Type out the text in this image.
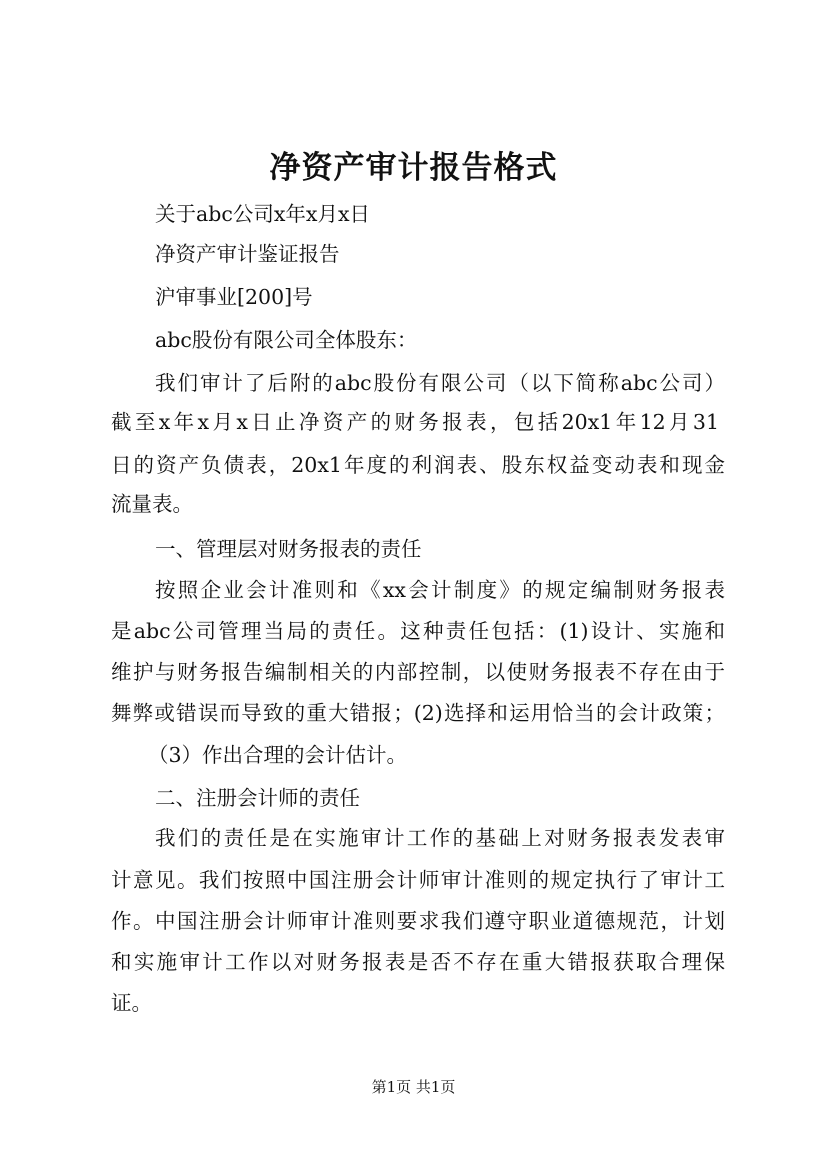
净资产审计报告格式
关于abc公司x年x月x日
净资产审计鉴证报告
沪审事业[200]号
abc股份有限公司全体股东：
我们审计了后附的abc股份有限公司（以下简称abc公司）
截至x年x月x日止净资产的财务报表，包括20x1年12月31
日的资产负债表，20x1年度的利润表、股东权益变动表和现金
流量表。
一、管理层对财务报表的责任
按照企业会计准则和《xx会计制度》的规定编制财务报表
是abc公司管理当局的责任。这种责任包括：(1)设计、实施和
维护与财务报告编制相关的内部控制，以使财务报表不存在由于
舞弊或错误而导致的重大错报；(2)选择和运用恰当的会计政策；
（3）作出合理的会计估计。
二、注册会计师的责任
我们的责任是在实施审计工作的基础上对财务报表发表审
计意见。我们按照中国注册会计师审计准则的规定执行了审计工
作。中国注册会计师审计准则要求我们遵守职业道德规范，计划
和实施审计工作以对财务报表是否不存在重大错报获取合理保
证。
第1页 共1页
